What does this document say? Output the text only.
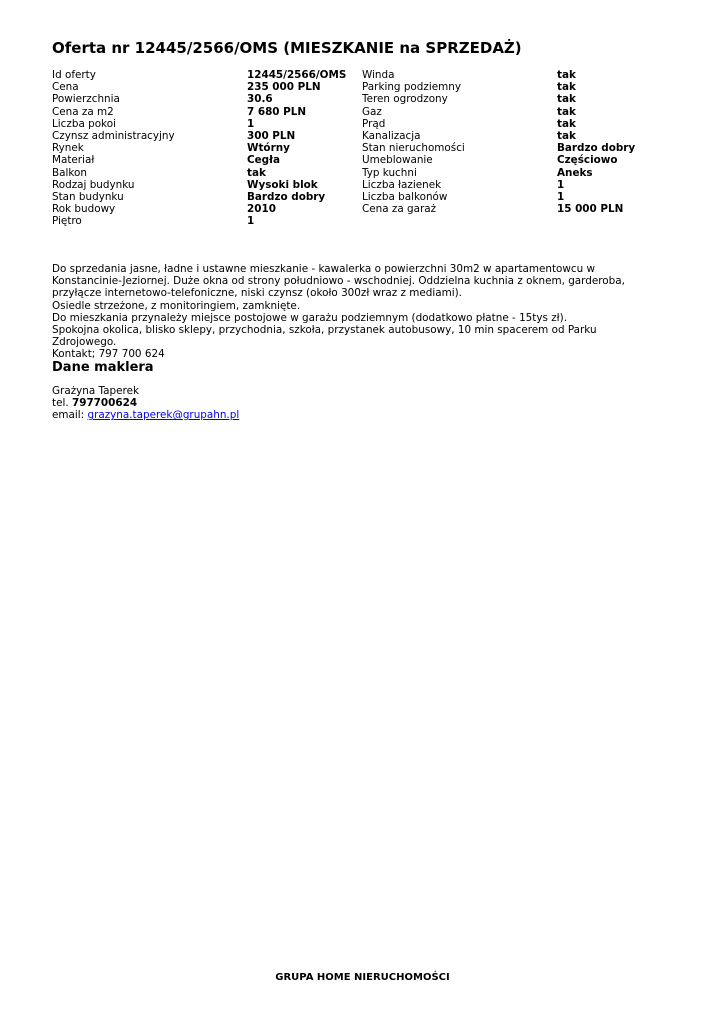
Oferta nr 12445/2566/OMS (MIESZKANIE na SPRZEDAŻ)
Id oferty	12445/2566/OMS
Cena	235 000 PLN
Powierzchnia	30.6
Cena za m2	7 680 PLN
Liczba pokoi	1
Czynsz administracyjny	300 PLN
Rynek	Wtórny
Materiał	Cegła
Balkon	tak
Rodzaj budynku	Wysoki blok
Stan budynku	Bardzo dobry
Rok budowy	2010
Piętro	1
Winda	tak
Parking podziemny	tak
Teren ogrodzony	tak
Gaz	tak
Prąd	tak
Kanalizacja	tak
Stan nieruchomości	Bardzo dobry
Umeblowanie	Częściowo
Typ kuchni	Aneks
Liczba łazienek	1
Liczba balkonów	1
Cena za garaż	15 000 PLN

Do sprzedania jasne, ładne i ustawne mieszkanie - kawalerka o powierzchni 30m2 w apartamentowcu w Konstancinie-Jeziornej. Duże okna od strony południowo - wschodniej. Oddzielna kuchnia z oknem, garderoba, przyłącze internetowo-telefoniczne, niski czynsz (około 300zł wraz z mediami).

Osiedle strzeżone, z monitoringiem, zamknięte.

Do mieszkania przynależy miejsce postojowe w garażu podziemnym (dodatkowo płatne - 15tys zł).

Spokojna okolica, blisko sklepy, przychodnia, szkoła, przystanek autobusowy, 10 min spacerem od Parku Zdrojowego.

Kontakt; 797 700 624

Dane maklera
Grażyna Taperek
tel. 797700624
email: grazyna.taperek@grupahn.pl
GRUPA HOME NIERUCHOMOŚCI
